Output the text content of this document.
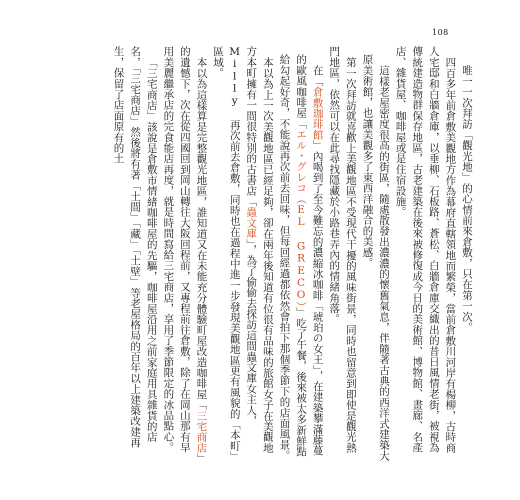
108

唯一一次拜訪「觀光地」的心情前來倉敷，只在第一次。

四百多年前倉敷美觀地方作為幕府直轄領地而繁榮，當前倉敷川河岸有楊柳，古時商人宅邸和白牆倉庫，以垂柳、石板路、蒼松、白牆倉庫交織出的昔日風情老街，被視為傳統建造物群保存地區，古老建築在後來被修復成今日的美術館、博物館、畫廊、名產店、雜貨屋、咖啡屋或是住宿設施。

這樣老屋密度很高的街區，隨處散發出濃濃的懷舊氣息，伴隨著古典的西洋式建築大原美術館，也讓美觀多了東西洋融合的美感。

第一次拜訪就喜歡上美觀地區不受現代干擾的風味街景，同時也留意到即使是觀光熱門地區，依然可以在此尋找隱藏於小路巷弄內的情緒角落。

在「倉敷珈琲館」內喝到了至今難忘的濃縮冰咖啡「琥珀の女王」，在建築攀滿藤蔓的歐風咖啡屋「エル・グレコ（EL GRECO）」吃了午餐，後來被太多新鮮點給勾起好奇，不能說再次前去回味，但每回經過都依然會拍下那個季節下的店面風景。

本以為上一次美觀地區已經足夠，卻在兩年後知道有位很有品味的旅館女子在美觀地方本町擁有一間很特別的古書店「蟲文庫」，為了偷偷去探訪這間蟲文庫女主人，Milly 再次前去倉敷，同時也在過程中進一步發現美觀地區更有風貌的「本町」區域。

本以為這樣算是完整觀光地區，誰知道又在未能充分體驗町屋改造咖啡屋「三宅商店」的遺憾下，次在從四國回到岡山轉往大阪回程前，又專程前往倉敷，除了在岡山那有早用美麗繼承店的完食能店再度，就是時間寫給三宅商店，享用了季節限定的冰品點心。

「三宅商店」該說是倉敷市情緒咖啡屋的先驅，咖啡屋沿用之前家庭用具雜貨的店名，「三宅商店」然後將有著「土間」「藏」「土壁」等老屋格局的百年以上建築改建再生，保留了店面原有的土
